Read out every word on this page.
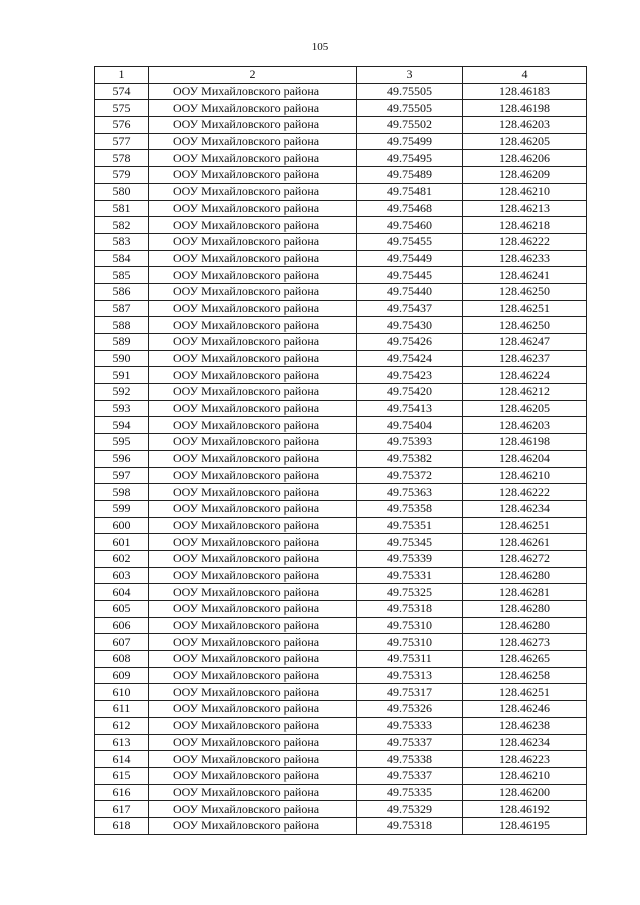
105
1	2	3	4
574	ООУ Михайловского района	49.75505	128.46183
575	ООУ Михайловского района	49.75505	128.46198
576	ООУ Михайловского района	49.75502	128.46203
577	ООУ Михайловского района	49.75499	128.46205
578	ООУ Михайловского района	49.75495	128.46206
579	ООУ Михайловского района	49.75489	128.46209
580	ООУ Михайловского района	49.75481	128.46210
581	ООУ Михайловского района	49.75468	128.46213
582	ООУ Михайловского района	49.75460	128.46218
583	ООУ Михайловского района	49.75455	128.46222
584	ООУ Михайловского района	49.75449	128.46233
585	ООУ Михайловского района	49.75445	128.46241
586	ООУ Михайловского района	49.75440	128.46250
587	ООУ Михайловского района	49.75437	128.46251
588	ООУ Михайловского района	49.75430	128.46250
589	ООУ Михайловского района	49.75426	128.46247
590	ООУ Михайловского района	49.75424	128.46237
591	ООУ Михайловского района	49.75423	128.46224
592	ООУ Михайловского района	49.75420	128.46212
593	ООУ Михайловского района	49.75413	128.46205
594	ООУ Михайловского района	49.75404	128.46203
595	ООУ Михайловского района	49.75393	128.46198
596	ООУ Михайловского района	49.75382	128.46204
597	ООУ Михайловского района	49.75372	128.46210
598	ООУ Михайловского района	49.75363	128.46222
599	ООУ Михайловского района	49.75358	128.46234
600	ООУ Михайловского района	49.75351	128.46251
601	ООУ Михайловского района	49.75345	128.46261
602	ООУ Михайловского района	49.75339	128.46272
603	ООУ Михайловского района	49.75331	128.46280
604	ООУ Михайловского района	49.75325	128.46281
605	ООУ Михайловского района	49.75318	128.46280
606	ООУ Михайловского района	49.75310	128.46280
607	ООУ Михайловского района	49.75310	128.46273
608	ООУ Михайловского района	49.75311	128.46265
609	ООУ Михайловского района	49.75313	128.46258
610	ООУ Михайловского района	49.75317	128.46251
611	ООУ Михайловского района	49.75326	128.46246
612	ООУ Михайловского района	49.75333	128.46238
613	ООУ Михайловского района	49.75337	128.46234
614	ООУ Михайловского района	49.75338	128.46223
615	ООУ Михайловского района	49.75337	128.46210
616	ООУ Михайловского района	49.75335	128.46200
617	ООУ Михайловского района	49.75329	128.46192
618	ООУ Михайловского района	49.75318	128.46195
